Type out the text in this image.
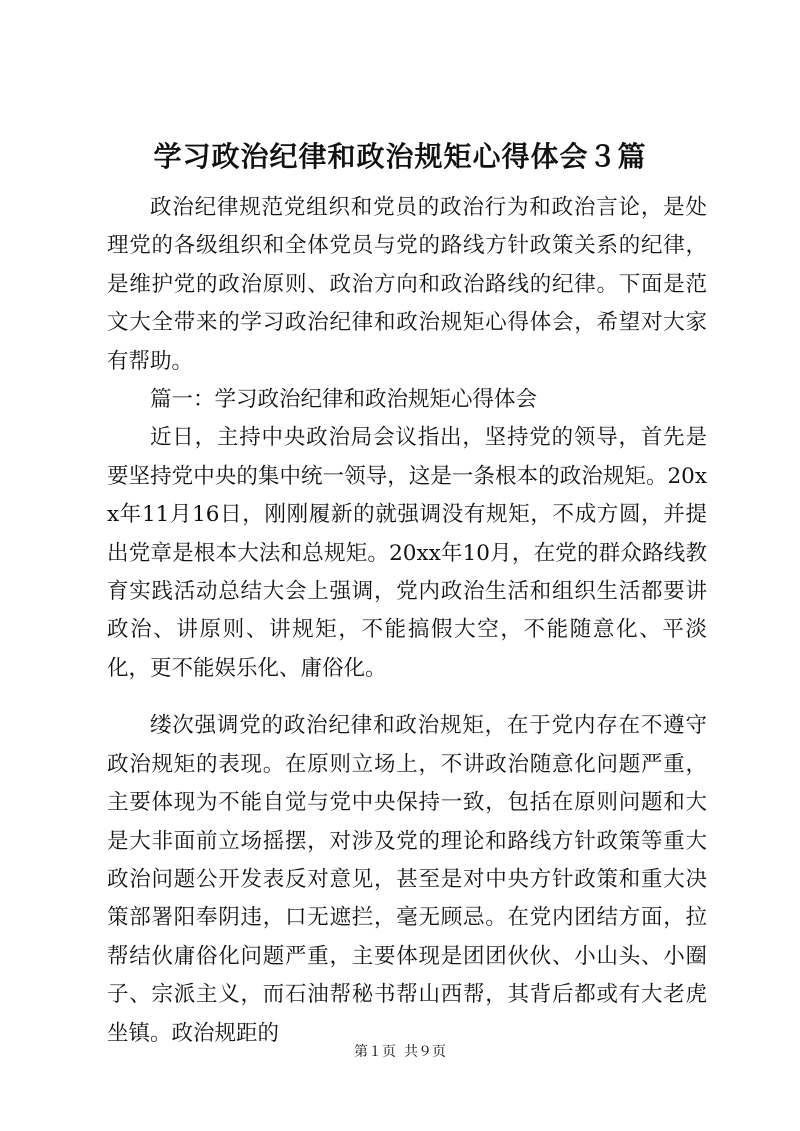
学习政治纪律和政治规矩心得体会３篇

政治纪律规范党组织和党员的政治行为和政治言论，是处理党的各级组织和全体党员与党的路线方针政策关系的纪律，是维护党的政治原则、政治方向和政治路线的纪律。下面是范文大全带来的学习政治纪律和政治规矩心得体会，希望对大家有帮助。

篇一：学习政治纪律和政治规矩心得体会

近日，主持中央政治局会议指出，坚持党的领导，首先是要坚持党中央的集中统一领导，这是一条根本的政治规矩。20xx年11月16日，刚刚履新的就强调没有规矩，不成方圆，并提出党章是根本大法和总规矩。20xx年10月，在党的群众路线教育实践活动总结大会上强调，党内政治生活和组织生活都要讲政治、讲原则、讲规矩，不能搞假大空，不能随意化、平淡化，更不能娱乐化、庸俗化。

缕次强调党的政治纪律和政治规矩，在于党内存在不遵守政治规矩的表现。在原则立场上，不讲政治随意化问题严重，主要体现为不能自觉与党中央保持一致，包括在原则问题和大是大非面前立场摇摆，对涉及党的理论和路线方针政策等重大政治问题公开发表反对意见，甚至是对中央方针政策和重大决策部署阳奉阴违，口无遮拦，毫无顾忌。在党内团结方面，拉帮结伙庸俗化问题严重，主要体现是团团伙伙、小山头、小圈子、宗派主义，而石油帮秘书帮山西帮，其背后都或有大老虎坐镇。政治规距的

第１页 共９页
